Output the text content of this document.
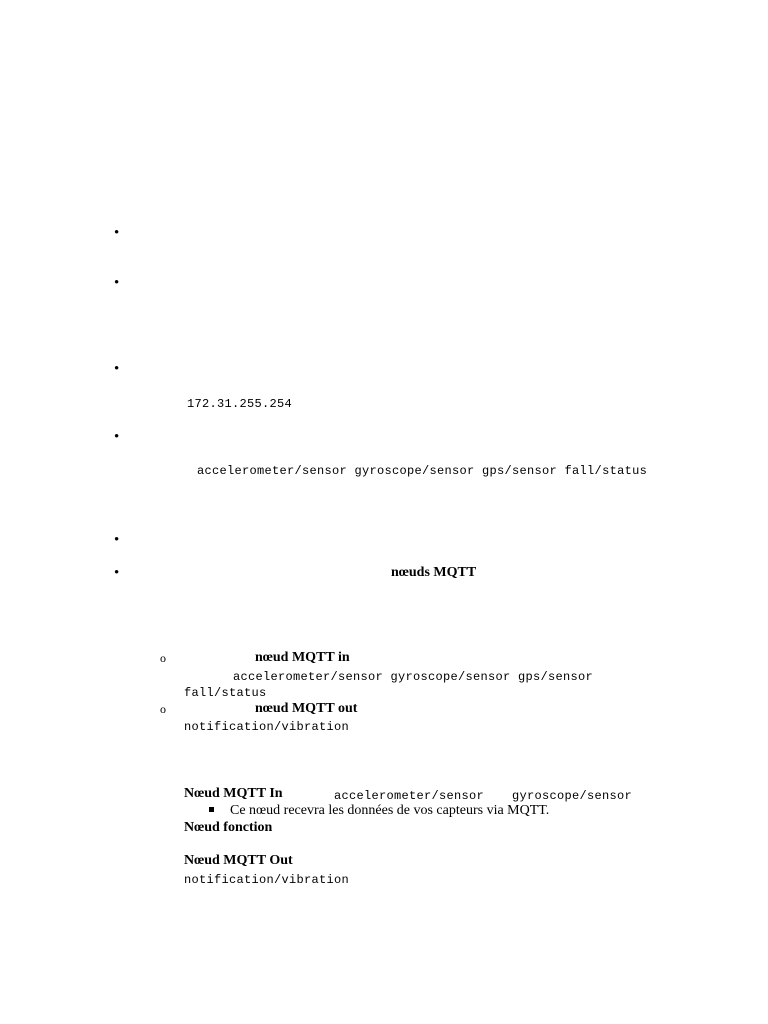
•
•
•
172.31.255.254
•
accelerometer/sensor gyroscope/sensor gps/sensor fall/status
•
•	nœuds MQTT
o	nœud MQTT in
accelerometer/sensor gyroscope/sensor gps/sensor
fall/status
o	nœud MQTT out
notification/vibration
Nœud MQTT In	accelerometer/sensor gyroscope/sensor
Ce nœud recevra les données de vos capteurs via MQTT.
Nœud fonction
Nœud MQTT Out
notification/vibration
